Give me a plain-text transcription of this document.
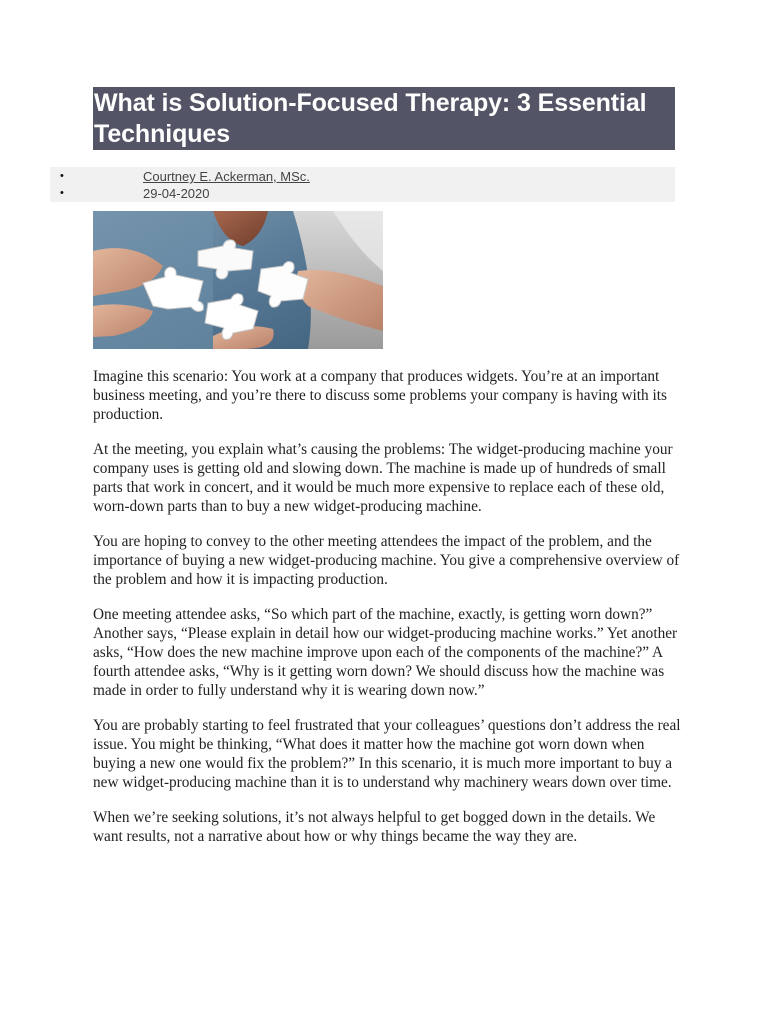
What is Solution-Focused Therapy: 3 Essential Techniques
•	Courtney E. Ackerman, MSc.
•	29-04-2020

Imagine this scenario: You work at a company that produces widgets. You’re at an important business meeting, and you’re there to discuss some problems your company is having with its production.

At the meeting, you explain what’s causing the problems: The widget-producing machine your company uses is getting old and slowing down. The machine is made up of hundreds of small parts that work in concert, and it would be much more expensive to replace each of these old, worn-down parts than to buy a new widget-producing machine.

You are hoping to convey to the other meeting attendees the impact of the problem, and the importance of buying a new widget-producing machine. You give a comprehensive overview of the problem and how it is impacting production.

One meeting attendee asks, “So which part of the machine, exactly, is getting worn down?” Another says, “Please explain in detail how our widget-producing machine works.” Yet another asks, “How does the new machine improve upon each of the components of the machine?” A fourth attendee asks, “Why is it getting worn down? We should discuss how the machine was made in order to fully understand why it is wearing down now.”

You are probably starting to feel frustrated that your colleagues’ questions don’t address the real issue. You might be thinking, “What does it matter how the machine got worn down when buying a new one would fix the problem?” In this scenario, it is much more important to buy a new widget-producing machine than it is to understand why machinery wears down over time.

When we’re seeking solutions, it’s not always helpful to get bogged down in the details. We want results, not a narrative about how or why things became the way they are.
